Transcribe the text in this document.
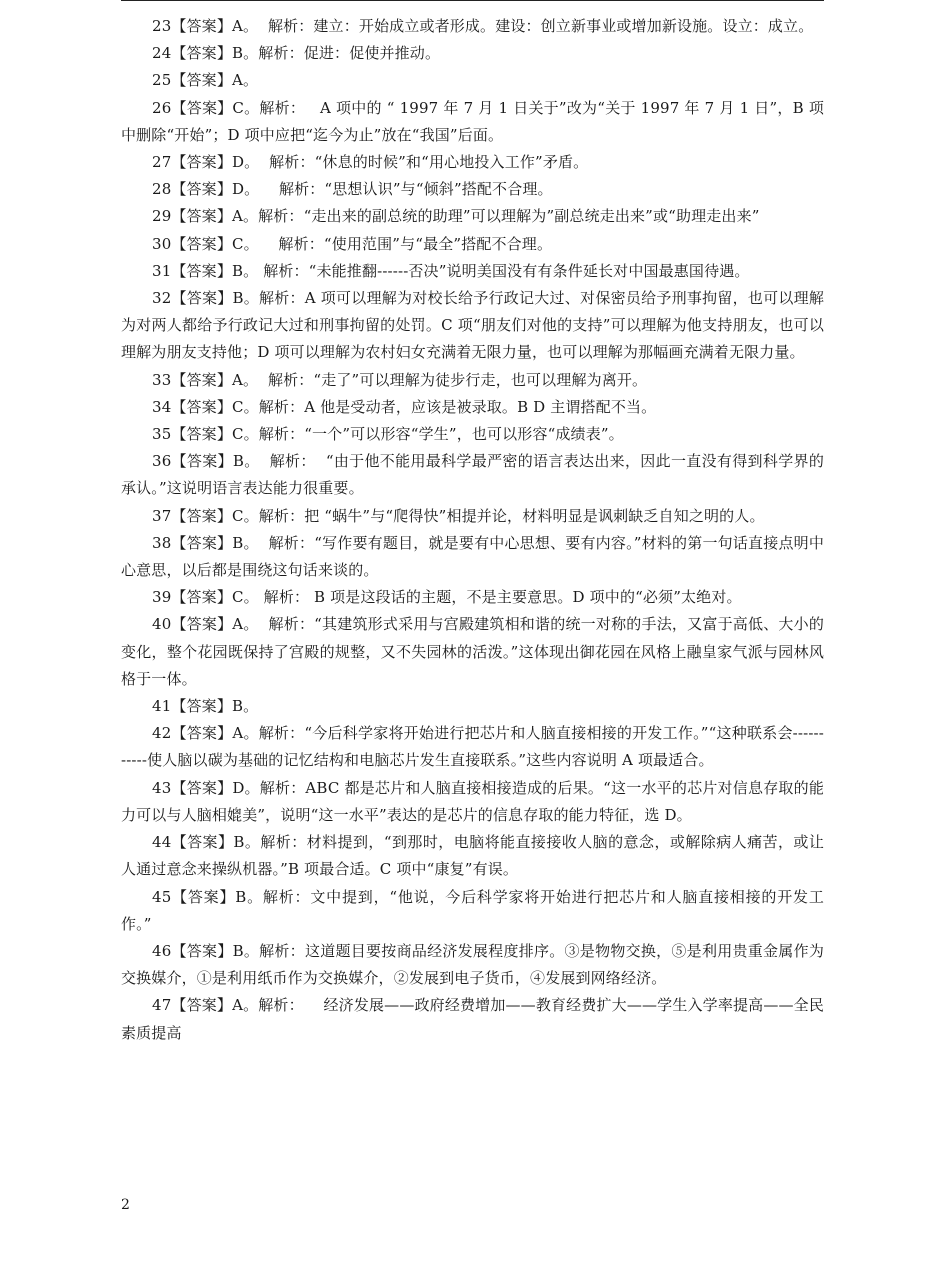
23【答案】A。  解析：建立：开始成立或者形成。建设：创立新事业或增加新设施。设立：成立。

24【答案】B。解析：促进：促使并推动。

25【答案】A。

26【答案】C。解析：   A 项中的 “ 1997 年 7 月 1 日关于”改为“关于 1997 年 7 月 1 日”，B 项中删除“开始”；D 项中应把“迄今为止”放在“我国”后面。

27【答案】D。  解析：“休息的时候”和“用心地投入工作”矛盾。

28【答案】D。    解析：“思想认识”与“倾斜”搭配不合理。

29【答案】A。解析：“走出来的副总统的助理”可以理解为”副总统走出来”或“助理走出来”

30【答案】C。    解析：“使用范围”与“最全”搭配不合理。

31【答案】B。 解析：“未能推翻------否决”说明美国没有有条件延长对中国最惠国待遇。

32【答案】B。解析：A 项可以理解为对校长给予行政记大过、对保密员给予刑事拘留，也可以理解为对两人都给予行政记大过和刑事拘留的处罚。C 项“朋友们对他的支持”可以理解为他支持朋友，也可以理解为朋友支持他；D 项可以理解为农村妇女充满着无限力量，也可以理解为那幅画充满着无限力量。

33【答案】A。  解析：“走了”可以理解为徒步行走，也可以理解为离开。

34【答案】C。解析：A 他是受动者，应该是被录取。B D 主谓搭配不当。

35【答案】C。解析：“一个”可以形容“学生”，也可以形容“成绩表”。

36【答案】B。  解析：  “由于他不能用最科学最严密的语言表达出来，因此一直没有得到科学界的承认。”这说明语言表达能力很重要。

37【答案】C。解析：把 “蜗牛”与“爬得快”相提并论，材料明显是讽刺缺乏自知之明的人。

38【答案】B。  解析：“写作要有题目，就是要有中心思想、要有内容。”材料的第一句话直接点明中心意思，以后都是围绕这句话来谈的。

39【答案】C。 解析： B 项是这段话的主题，不是主要意思。D 项中的“必须”太绝对。

40【答案】A。  解析：“其建筑形式采用与宫殿建筑相和谐的统一对称的手法，又富于高低、大小的变化，整个花园既保持了宫殿的规整，又不失园林的活泼。”这体现出御花园在风格上融皇家气派与园林风格于一体。

41【答案】B。

42【答案】A。解析：“今后科学家将开始进行把芯片和人脑直接相接的开发工作。”“这种联系会-----------使人脑以碳为基础的记忆结构和电脑芯片发生直接联系。”这些内容说明 A 项最适合。

43【答案】D。解析：ABC 都是芯片和人脑直接相接造成的后果。“这一水平的芯片对信息存取的能力可以与人脑相媲美”，说明“这一水平”表达的是芯片的信息存取的能力特征，选 D。

44【答案】B。解析：材料提到，“到那时，电脑将能直接接收人脑的意念，或解除病人痛苦，或让人通过意念来操纵机器。”B 项最合适。C 项中“康复”有误。

45【答案】B。解析：文中提到，“他说，今后科学家将开始进行把芯片和人脑直接相接的开发工作。”

46【答案】B。解析：这道题目要按商品经济发展程度排序。③是物物交换，⑤是利用贵重金属作为交换媒介，①是利用纸币作为交换媒介，②发展到电子货币，④发展到网络经济。

47【答案】A。解析：    经济发展——政府经费增加——教育经费扩大——学生入学率提高——全民素质提高

2
